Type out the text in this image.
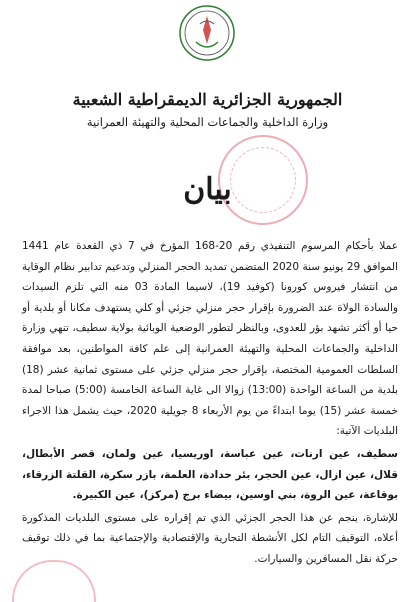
الجمهورية الجزائرية الديمقراطية الشعبية
وزارة الداخلية والجماعات المحلية والتهيئة العمرانية
بيان

عملا بأحكام المرسوم التنفيذي رقم 20-168 المؤرخ في 7 ذي القعدة عام 1441 الموافق 29 يونيو سنة 2020 المتضمن تمديد الحجر المنزلي وتدعيم تدابير نظام الوقاية من انتشار فيروس كورونا (كوفيد 19)، لاسيما المادة 03 منه التي تلزم السيدات والسادة الولاة عند الضرورة بإقرار حجر منزلي جزئي أو كلي يستهدف مكانا أو بلدية أو حيا أو أكثر تشهد بؤر للعدوى، وبالنظر لتطور الوضعية الوبائية بولاية سطيف، تنهي وزارة الداخلية والجماعات المحلية والتهيئة العمرانية إلى علم كافة المواطنين، بعد موافقة السلطات العمومية المختصة، بإقرار حجر منزلي جزئي على مستوى ثمانية عشر (18) بلدية من الساعة الواحدة (13:00) زوالا الى غاية الساعة الخامسة (5:00) صباحا لمدة خمسة عشر (15) يوما ابتداءً من يوم الأربعاء 8 جويلية 2020، حيث يشمل هذا الاجراء البلديات الآتية:

سطيف، عين ارنات، عين عباسة، اوريسيا، عين ولمان، قصر الأبطال، قلال، عين ازال، عين الحجر، بئر حدادة، العلمة، بازر سكرة، القلتة الزرقاء، بوقاعة، عين الروة، بني اوسين، بيضاء برج (مركز)، عين الكبيرة.

للإشارة، ينجم عن هذا الحجر الجزئي الذي تم إقراره على مستوى البلديات المذكورة أعلاه، التوقيف التام لكل الأنشطة التجارية والإقتصادية والإجتماعية بما في ذلك توقيف حركة نقل المسافرين والسيارات.
